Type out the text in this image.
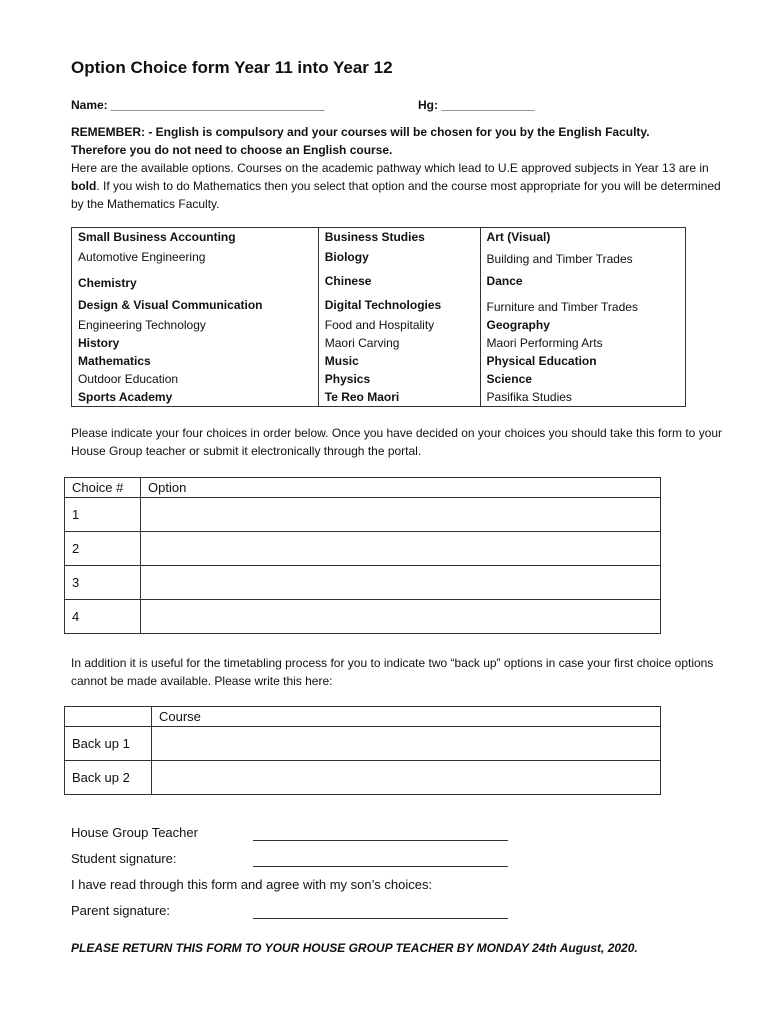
Option Choice form Year 11 into Year 12
Name: ________________________________	Hg: ______________
REMEMBER: - English is compulsory and your courses will be chosen for you by the English Faculty.
Therefore you do not need to choose an English course.
Here are the available options. Courses on the academic pathway which lead to U.E approved subjects in Year 13 are in bold. If you wish to do Mathematics then you select that option and the course most appropriate for you will be determined by the Mathematics Faculty.
Small Business Accounting	Business Studies	Art (Visual)
Automotive Engineering	Biology	Building and Timber Trades
Chemistry	Chinese	Dance
Design & Visual Communication	Digital Technologies	Furniture and Timber Trades
Engineering Technology	Food and Hospitality	Geography
History	Maori Carving	Maori Performing Arts
Mathematics	Music	Physical Education
Outdoor Education	Physics	Science
Sports Academy	Te Reo Maori	Pasifika Studies
Please indicate your four choices in order below. Once you have decided on your choices you should take this form to your House Group teacher or submit it electronically through the portal.
Choice #	Option
1	
2	
3	
4	
In addition it is useful for the timetabling process for you to indicate two “back up” options in case your first choice options cannot be made available. Please write this here:
	Course
Back up 1	
Back up 2	
House Group Teacher
Student signature:
I have read through this form and agree with my son’s choices:
Parent signature:
PLEASE RETURN THIS FORM TO YOUR HOUSE GROUP TEACHER BY MONDAY 24th August, 2020.
